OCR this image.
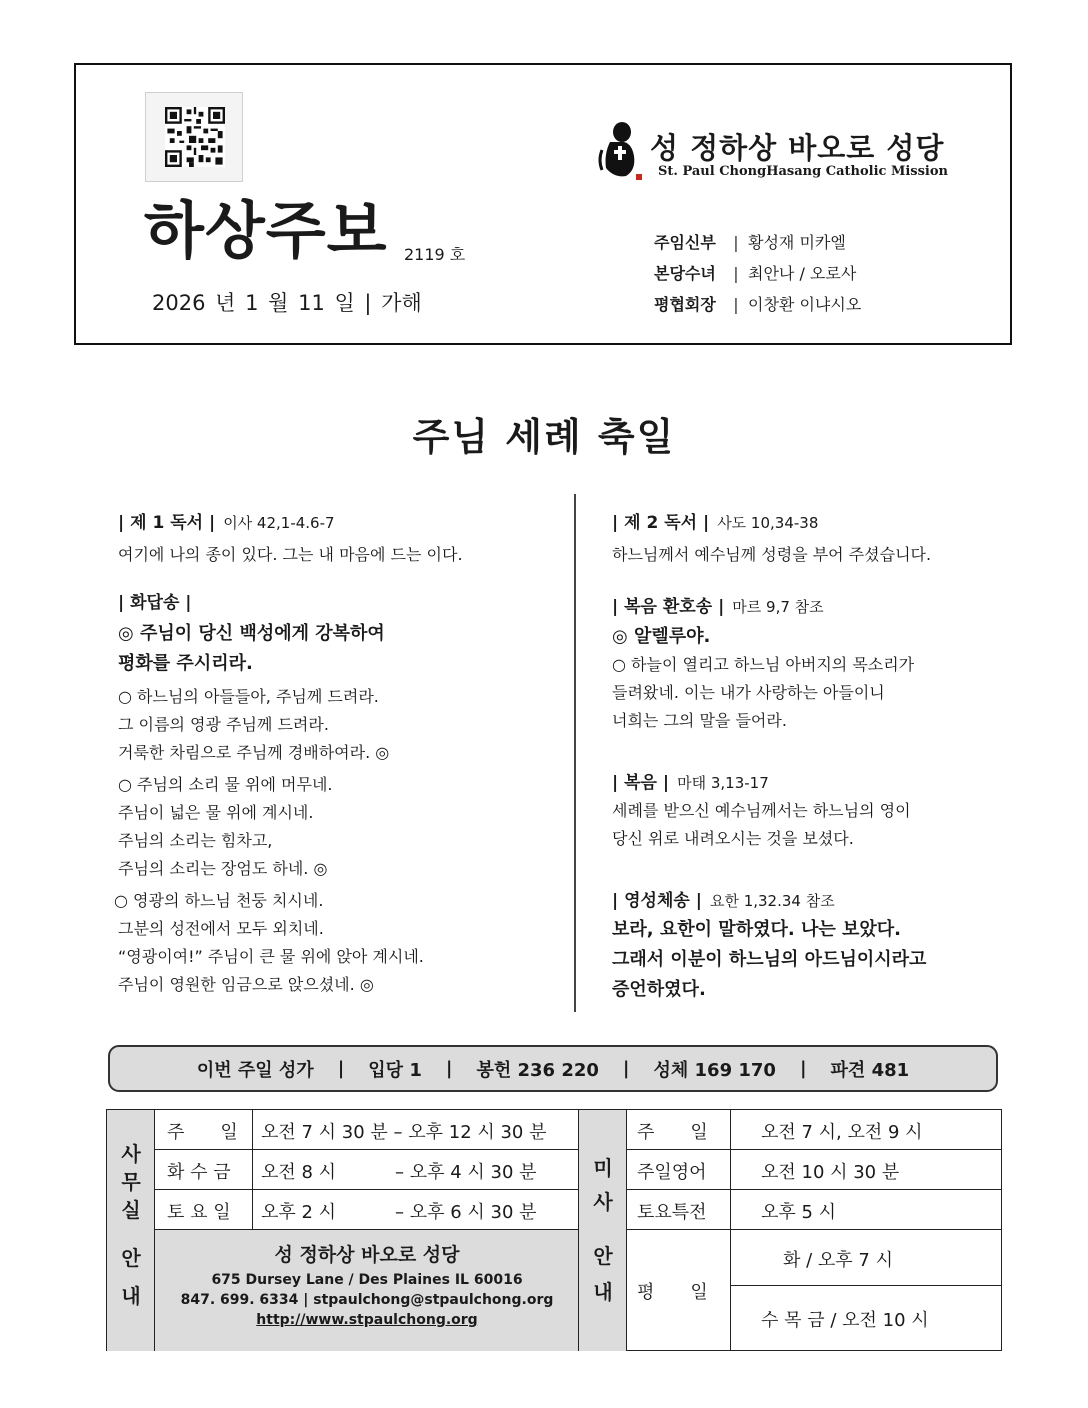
하상주보 2119 호
2026 년 1 월 11 일 | 가해
성 정하상 바오로 성당
St. Paul ChongHasang Catholic Mission
주임신부 | 황성재 미카엘
본당수녀 | 최안나 / 오로사
평협회장 | 이창환 이냐시오
주님 세례 축일
| 제 1 독서 | 이사 42,1-4.6-7
여기에 나의 종이 있다. 그는 내 마음에 드는 이다.
| 화답송 |
◎ 주님이 당신 백성에게 강복하여
평화를 주시리라.
○ 하느님의 아들들아, 주님께 드려라.
그 이름의 영광 주님께 드려라.
거룩한 차림으로 주님께 경배하여라. ◎
○ 주님의 소리 물 위에 머무네.
주님이 넓은 물 위에 계시네.
주님의 소리는 힘차고,
주님의 소리는 장엄도 하네. ◎
○ 영광의 하느님 천둥 치시네.
그분의 성전에서 모두 외치네.
“영광이여!” 주님이 큰 물 위에 앉아 계시네.
주님이 영원한 임금으로 앉으셨네. ◎
| 제 2 독서 | 사도 10,34-38
하느님께서 예수님께 성령을 부어 주셨습니다.
| 복음 환호송 | 마르 9,7 참조
◎ 알렐루야.
○ 하늘이 열리고 하느님 아버지의 목소리가
들려왔네. 이는 내가 사랑하는 아들이니
너희는 그의 말을 들어라.
| 복음 | 마태 3,13-17
세례를 받으신 예수님께서는 하느님의 영이
당신 위로 내려오시는 것을 보셨다.
| 영성체송 | 요한 1,32.34 참조
보라, 요한이 말하였다. 나는 보았다.
그래서 이분이 하느님의 아드님이시라고
증언하였다.
이번 주일 성가 | 입당 1 | 봉헌 236 220 | 성체 169 170 | 파견 481
사
무
실
안
내
주　　일 오전 7 시 30 분 – 오후 12 시 30 분
화 수 금 오전 8 시	– 오후 4 시 30 분
토 요 일 오후 2 시	– 오후 6 시 30 분
성 정하상 바오로 성당
675 Dursey Lane / Des Plaines IL 60016
847. 699. 6334 | stpaulchong@stpaulchong.org
http://www.stpaulchong.org
미
사
안
내
주　　일	오전 7 시, 오전 9 시
주일영어	오전 10 시 30 분
토요특전	오후 5 시
평　　일
화 / 오후 7 시
수 목 금 / 오전 10 시
